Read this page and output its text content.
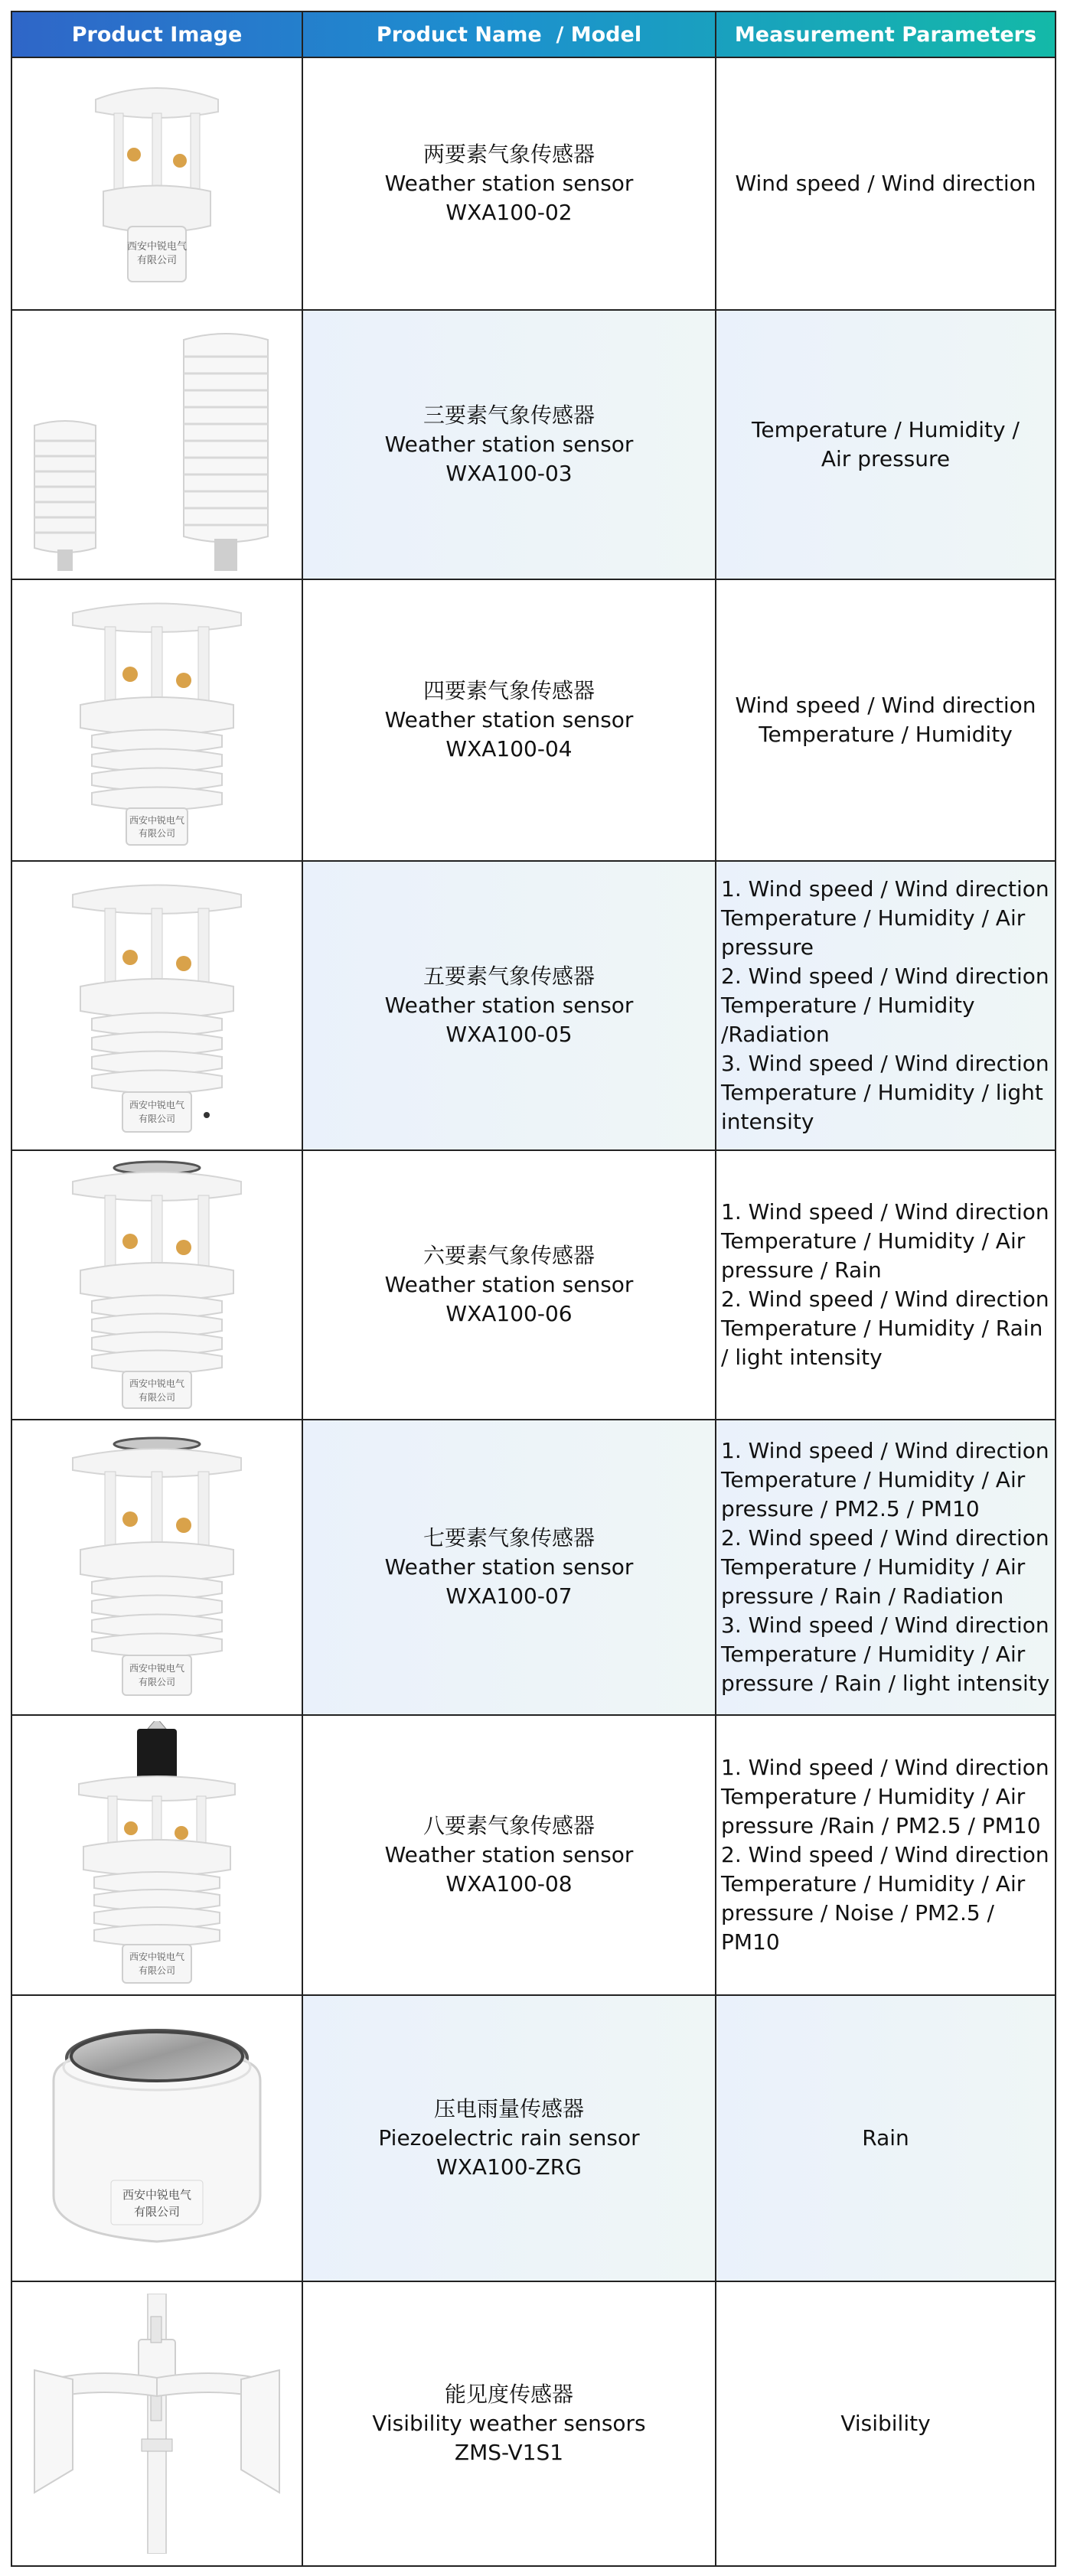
Product Image	Product Name  / Model	Measurement Parameters
西安中锐电气
有限公司
两要素气象传感器
Weather station sensor
WXA100-02
Wind speed / Wind direction
三要素气象传感器
Weather station sensor
WXA100-03
Temperature / Humidity /
Air pressure
西安中锐电气
有限公司
四要素气象传感器
Weather station sensor
WXA100-04
Wind speed / Wind direction
Temperature / Humidity
西安中锐电气
有限公司
五要素气象传感器
Weather station sensor
WXA100-05
1. Wind speed / Wind direction
Temperature / Humidity / Air
pressure
2. Wind speed / Wind direction
Temperature / Humidity
/Radiation
3. Wind speed / Wind direction
Temperature / Humidity / light
intensity
西安中锐电气
有限公司
六要素气象传感器
Weather station sensor
WXA100-06
1. Wind speed / Wind direction
Temperature / Humidity / Air
pressure / Rain
2. Wind speed / Wind direction
Temperature / Humidity / Rain
/ light intensity
西安中锐电气
有限公司
七要素气象传感器
Weather station sensor
WXA100-07
1. Wind speed / Wind direction
Temperature / Humidity / Air
pressure / PM2.5 / PM10
2. Wind speed / Wind direction
Temperature / Humidity / Air
pressure / Rain / Radiation
3. Wind speed / Wind direction
Temperature / Humidity / Air
pressure / Rain / light intensity
西安中锐电气
有限公司
八要素气象传感器
Weather station sensor
WXA100-08
1. Wind speed / Wind direction
Temperature / Humidity / Air
pressure /Rain / PM2.5 / PM10
2. Wind speed / Wind direction
Temperature / Humidity / Air
pressure / Noise / PM2.5 /
PM10
西安中锐电气
有限公司
压电雨量传感器
Piezoelectric rain sensor
WXA100-ZRG
Rain
能见度传感器
Visibility weather sensors
ZMS-V1S1
Visibility
